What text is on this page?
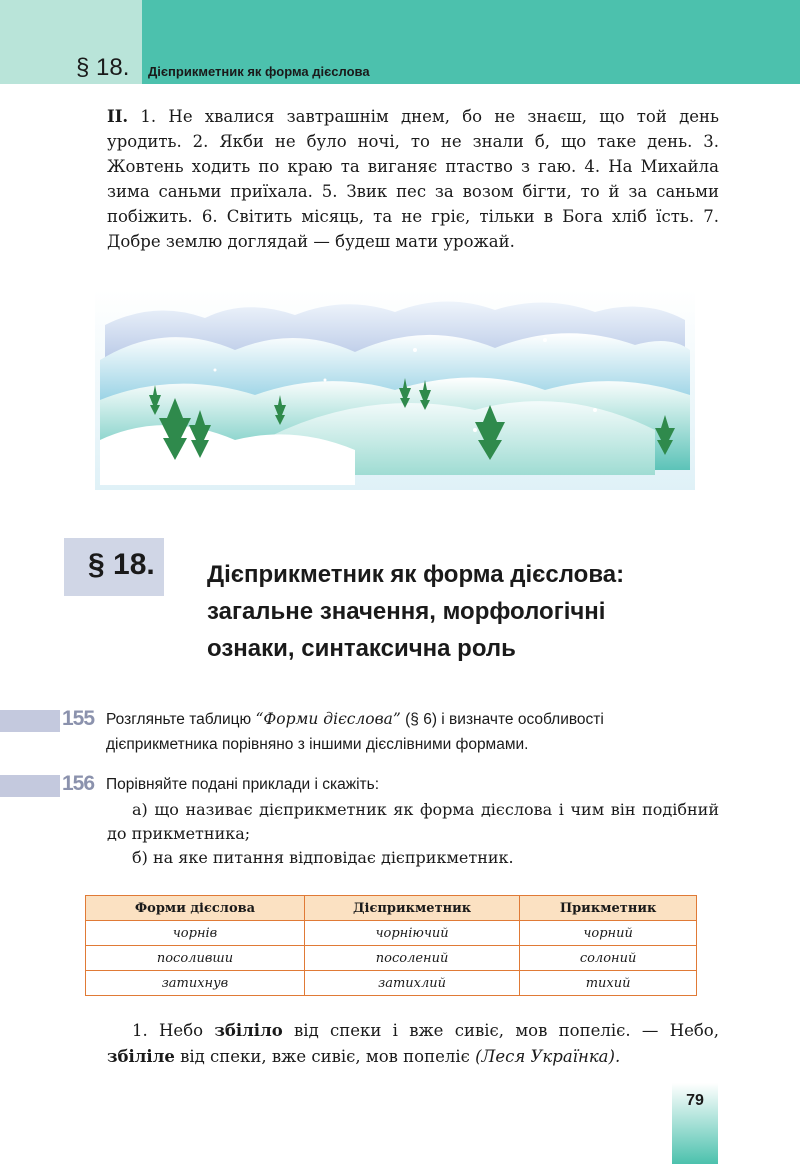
§ 18. Дієприкметник як форма дієслова
II. 1. Не хвалися завтрашнім днем, бо не знаєш, що той день уродить. 2. Якби не було ночі, то не знали б, що таке день. 3. Жовтень ходить по краю та виганяє птаство з гаю. 4. На Михайла зима саньми приїхала. 5. Звик пес за возом бігти, то й за саньми побіжить. 6. Світить місяць, та не гріє, тільки в Бога хліб їсть. 7. Добре землю доглядай — будеш мати урожай.
§ 18. Дієприкметник як форма дієслова:
загальне значення, морфологічні
ознаки, синтаксична роль
155 Розгляньте таблицю “Форми дієслова” (§ 6) і визначте особливості дієприкметника порівняно з іншими дієслівними формами.
156 Порівняйте подані приклади і скажіть:
а) що називає дієприкметник як форма дієслова і чим він подібний до прикметника;
б) на яке питання відповідає дієприкметник.
Форми дієслова	Дієприкметник	Прикметник
чорнів	чорніючий	чорний
посоливши	посолений	солоний
затихнув	затихлий	тихий
1. Небо збіліло від спеки і вже сивіє, мов попеліє. — Небо, збіліле від спеки, вже сивіє, мов попеліє (Леся Українка).
79
